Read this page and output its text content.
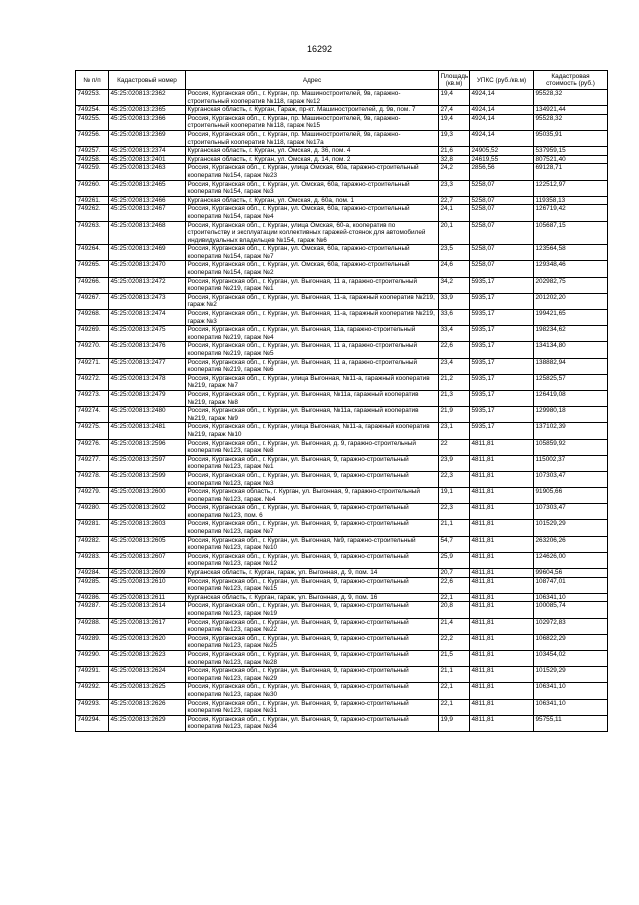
16292
№ п/п	Кадастровый номер	Адрес	Площадь (кв.м)	УПКС (руб./кв.м)	Кадастровая стоимость (руб.)
749253.	45:25:020813:2362	Россия, Курганская обл., г. Курган, пр. Машиностроителей, 9в, гаражно-строительный кооператив №118, гараж №12	19,4	4924,14	95528,32
749254.	45:25:020813:2365	Курганская область, г. Курган, Гараж, пр-кт. Машиностроителей, д. 9в, пом. 7	27,4	4924,14	134921,44
749255.	45:25:020813:2366	Россия, Курганская обл., г. Курган, пр. Машиностроителей, 9в, гаражно-строительный кооператив №118, гараж №15	19,4	4924,14	95528,32
749256.	45:25:020813:2369	Россия, Курганская обл., г. Курган, пр. Машиностроителей, 9в, гаражно-строительный кооператив №118, гараж №17а	19,3	4924,14	95035,91
749257.	45:25:020813:2374	Курганская область, г. Курган, ул. Омская, д. 36, пом. 4	21,6	24905,52	537959,15
749258.	45:25:020813:2401	Курганская область, г. Курган, ул. Омская, д. 14, пом. 2	32,8	24619,55	807521,40
749259.	45:25:020813:2463	Россия, Курганская обл., г. Курган, улица Омская, 60а, гаражно-строительный кооператив №154, гараж №23	24,2	2856,56	69128,71
749260.	45:25:020813:2465	Россия, Курганская обл., г. Курган, ул. Омская, 60а, гаражно-строительный кооператив №154, гараж №3	23,3	5258,07	122512,97
749261.	45:25:020813:2466	Курганская область, г. Курган, ул. Омская, д. 60а, пом. 1	22,7	5258,07	119358,13
749262.	45:25:020813:2467	Россия, Курганская обл., г. Курган, ул. Омская, 60а, гаражно-строительный кооператив №154, гараж №4	24,1	5258,07	126719,42
749263.	45:25:020813:2468	Россия, Курганская обл., г. Курган, улица Омская, 60-а, кооператив по строительству и эксплуатации коллективных гаражей-стоянок для автомобилей индивидуальных владельцев №154, гараж №6	20,1	5258,07	105687,15
749264.	45:25:020813:2469	Россия, Курганская обл., г. Курган, ул. Омская, 60а, гаражно-строительный кооператив №154, гараж №7	23,5	5258,07	123564,58
749265.	45:25:020813:2470	Россия, Курганская обл., г. Курган, ул. Омская, 60а, гаражно-строительный кооператив №154, гараж №2	24,6	5258,07	129348,46
749266.	45:25:020813:2472	Россия, Курганская обл., г. Курган, ул. Выгонная, 11 а, гаражно-строительный кооператив №219, гараж №1	34,2	5935,17	202982,75
749267.	45:25:020813:2473	Россия, Курганская обл., г. Курган, ул. Выгонная, 11-а, гаражный кооператив №219, гараж №2	33,9	5935,17	201202,20
749268.	45:25:020813:2474	Россия, Курганская обл., г. Курган, ул. Выгонная, 11-а, гаражный кооператив №219, гараж №3	33,6	5935,17	199421,65
749269.	45:25:020813:2475	Россия, Курганская обл., г. Курган, ул. Выгонная, 11а, гаражно-строительный кооператив №219, гараж №4	33,4	5935,17	198234,62
749270.	45:25:020813:2476	Россия, Курганская обл., г. Курган, ул. Выгонная, 11 а, гаражно-строительный кооператив №219, гараж №5	22,6	5935,17	134134,80
749271.	45:25:020813:2477	Россия, Курганская обл., г. Курган, ул. Выгонная, 11 а, гаражно-строительный кооператив №219, гараж №6	23,4	5935,17	138882,94
749272.	45:25:020813:2478	Россия, Курганская обл., г. Курган, улица Выгонная, №11-а, гаражный кооператив №219, гараж №7	21,2	5935,17	125825,57
749273.	45:25:020813:2479	Россия, Курганская обл., г. Курган, ул. Выгонная, №11а, гаражный кооператив №219, гараж №8	21,3	5935,17	126419,08
749274.	45:25:020813:2480	Россия, Курганская обл., г. Курган, ул. Выгонная, №11а, гаражный кооператив №219, гараж №9	21,9	5935,17	129980,18
749275.	45:25:020813:2481	Россия, Курганская обл., г. Курган, улица Выгонная, №11-а, гаражный кооператив №219, гараж №10	23,1	5935,17	137102,39
749276.	45:25:020813:2596	Россия, Курганская обл., г. Курган, ул. Выгонная, д. 9, гаражно-строительный кооператив №123, гараж №8	22	4811,81	105859,92
749277.	45:25:020813:2597	Россия, Курганская обл., г. Курган, ул. Выгонная, 9, гаражно-строительный кооператив №123, гараж №1	23,9	4811,81	115002,37
749278.	45:25:020813:2599	Россия, Курганская обл., г. Курган, ул. Выгонная, 9, гаражно-строительный кооператив №123, гараж №3	22,3	4811,81	107303,47
749279.	45:25:020813:2600	Россия, Курганская область, г. Курган, ул. Выгонная, 9, гаражно-строительный кооператив №123, гараж. №4	19,1	4811,81	91905,66
749280.	45:25:020813:2602	Россия, Курганская обл., г. Курган, ул. Выгонная, 9, гаражно-строительный кооператив №123, пом. 6	22,3	4811,81	107303,47
749281.	45:25:020813:2603	Россия, Курганская обл., г. Курган, ул. Выгонная, 9, гаражно-строительный кооператив №123, гараж №7	21,1	4811,81	101529,29
749282.	45:25:020813:2605	Россия, Курганская обл., г. Курган, ул. Выгонная, №9, гаражно-строительный кооператив №123, гараж №10	54,7	4811,81	263206,26
749283.	45:25:020813:2607	Россия, Курганская обл., г. Курган, ул. Выгонная, 9, гаражно-строительный кооператив №123, гараж №12	25,9	4811,81	124626,00
749284.	45:25:020813:2609	Курганская область, г. Курган, гараж, ул. Выгонная, д. 9, пом. 14	20,7	4811,81	99604,56
749285.	45:25:020813:2610	Россия, Курганская обл., г. Курган, ул. Выгонная, 9, гаражно-строительный кооператив №123, гараж №15	22,6	4811,81	108747,01
749286.	45:25:020813:2611	Курганская область, г. Курган, гараж, ул. Выгонная, д. 9, пом. 16	22,1	4811,81	106341,10
749287.	45:25:020813:2614	Россия, Курганская обл., г. Курган, ул. Выгонная, 9, гаражно-строительный кооператив №123, гараж №19	20,8	4811,81	100085,74
749288.	45:25:020813:2617	Россия, Курганская обл., г. Курган, ул. Выгонная, 9, гаражно-строительный кооператив №123, гараж №22	21,4	4811,81	102972,83
749289.	45:25:020813:2620	Россия, Курганская обл., г. Курган, ул. Выгонная, 9, гаражно-строительный кооператив №123, гараж №25	22,2	4811,81	106822,29
749290.	45:25:020813:2623	Россия, Курганская обл., г. Курган, ул. Выгонная, 9, гаражно-строительный кооператив №123, гараж №28	21,5	4811,81	103454,02
749291.	45:25:020813:2624	Россия, Курганская обл., г. Курган, ул. Выгонная, 9, гаражно-строительный кооператив №123, гараж №29	21,1	4811,81	101529,29
749292.	45:25:020813:2625	Россия, Курганская обл., г. Курган, ул. Выгонная, 9, гаражно-строительный кооператив №123, гараж №30	22,1	4811,81	106341,10
749293.	45:25:020813:2626	Россия, Курганская обл., г. Курган, ул. Выгонная, 9, гаражно-строительный кооператив №123, гараж №31	22,1	4811,81	106341,10
749294.	45:25:020813:2629	Россия, Курганская обл., г. Курган, ул. Выгонная, 9, гаражно-строительный кооператив №123, гараж №34	19,9	4811,81	95755,11
